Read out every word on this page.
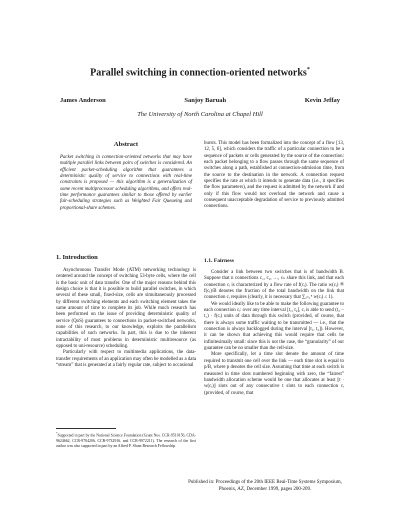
Parallel switching in connection-oriented networks*
James Anderson	Sanjoy Baruah	Kevin Jeffay
The University of North Carolina at Chapel Hill
Abstract
Packet switching in connection-oriented networks that may have multiple parallel links between pairs of switches is considered. An efficient packet-scheduling algorithm that guarantees a deterministic quality of service to connections with real-time constraints is proposed — this algorithm is a generalization of some recent multiprocessor scheduling algorithms, and offers real-time performance guarantees similar to those offered by earlier fair-scheduling strategies such as Weighted Fair Queueing and proportional-share schemes.
1. Introduction

Asynchronous Transfer Mode (ATM) networking technology is centered around the concept of switching 53-byte cells, where the cell is the basic unit of data transfer. One of the major reasons behind this design choice is that it is possible to build parallel switches, in which several of these small, fixed-size, cells are simultaneously processed by different switching elements and each switching element takes the same amount of time to complete its job. While much research has been performed on the issue of providing deterministic quality of service (QoS) guarantees to connections in packet-switched networks, none of this research, to our knowledge, exploits the parallelism capabilities of such networks. In part, this is due to the inherent intractability of most problems in deterministic multiresource (as opposed to uni-resource) scheduling.

Particularly with respect to multimedia applications, the data-transfer requirements of an application may often be modelled as a data “stream” that is generated at a fairly regular rate, subject to occasional

*Supported in part by the National Science Foundation (Grant Nos. CCR-9510156, CDA-9624662, CCR-9704206, CCR-9732916, and CCR-9972211). The research of the first author was also supported in part by an Alfred P. Sloan Research Fellowship.

bursts. This model has been formalized into the concept of a flow [13, 12, 5, 6], which considers the traffic of a particular connection to be a sequence of packets or cells generated by the source of the connection: each packet belonging to a flow passes through the same sequence of switches along a path, established at connection-admission time, from the source to the destination in the network. A connection request specifies the rate at which it intends to generate data (i.e., it specifies the flow parameters), and the request is admitted by the network if and only if this flow would not overload the network and cause a consequent unacceptable degradation of service to previously admitted connections.

1.1. Fairness

Consider a link between two switches that is of bandwidth B. Suppose that n connections c₁, c₂, …, cₙ share this link, and that each connection cᵢ is characterized by a flow rate of f(cᵢ). The ratio w(cᵢ) ≝ f(cᵢ)/B denotes the fraction of the total bandwidth on the link that connection cᵢ requires (clearly, it is necessary that ∑ᵢ₌₁ⁿ w(cᵢ) ≤ 1).

We would ideally like to be able to make the following guarantee to each connection cᵢ: over any time interval [t₁, t₂], cᵢ is able to send (t₂ − t₁) · f(cᵢ) units of data through this switch (provided, of course, that there is always some traffic waiting to be transmitted — i.e., that the connection is always backlogged during the interval [t₁, t₂]). However, it can be shown that achieving this would require that cells be infinitesimally small: since this is not the case, the “granularity” of our guarantee can be no smaller than the cell-size.

More specifically, let a time slot denote the amount of time required to transmit one cell over the link — each time slot is equal to p/B, where p denotes the cell size. Assuming that time at each switch is measured in time slots numbered beginning with zero, the “fairest” bandwidth allocation scheme would be one that allocates at least ⌊t · w(cᵢ)⌋ slots out of any consecutive t slots to each connection cᵢ (provided, of course, that

Published in: Proceedings of the 20th IEEE Real-Time Systems Symposium,
Phoenix, AZ, December 1999, pages 200-209.
